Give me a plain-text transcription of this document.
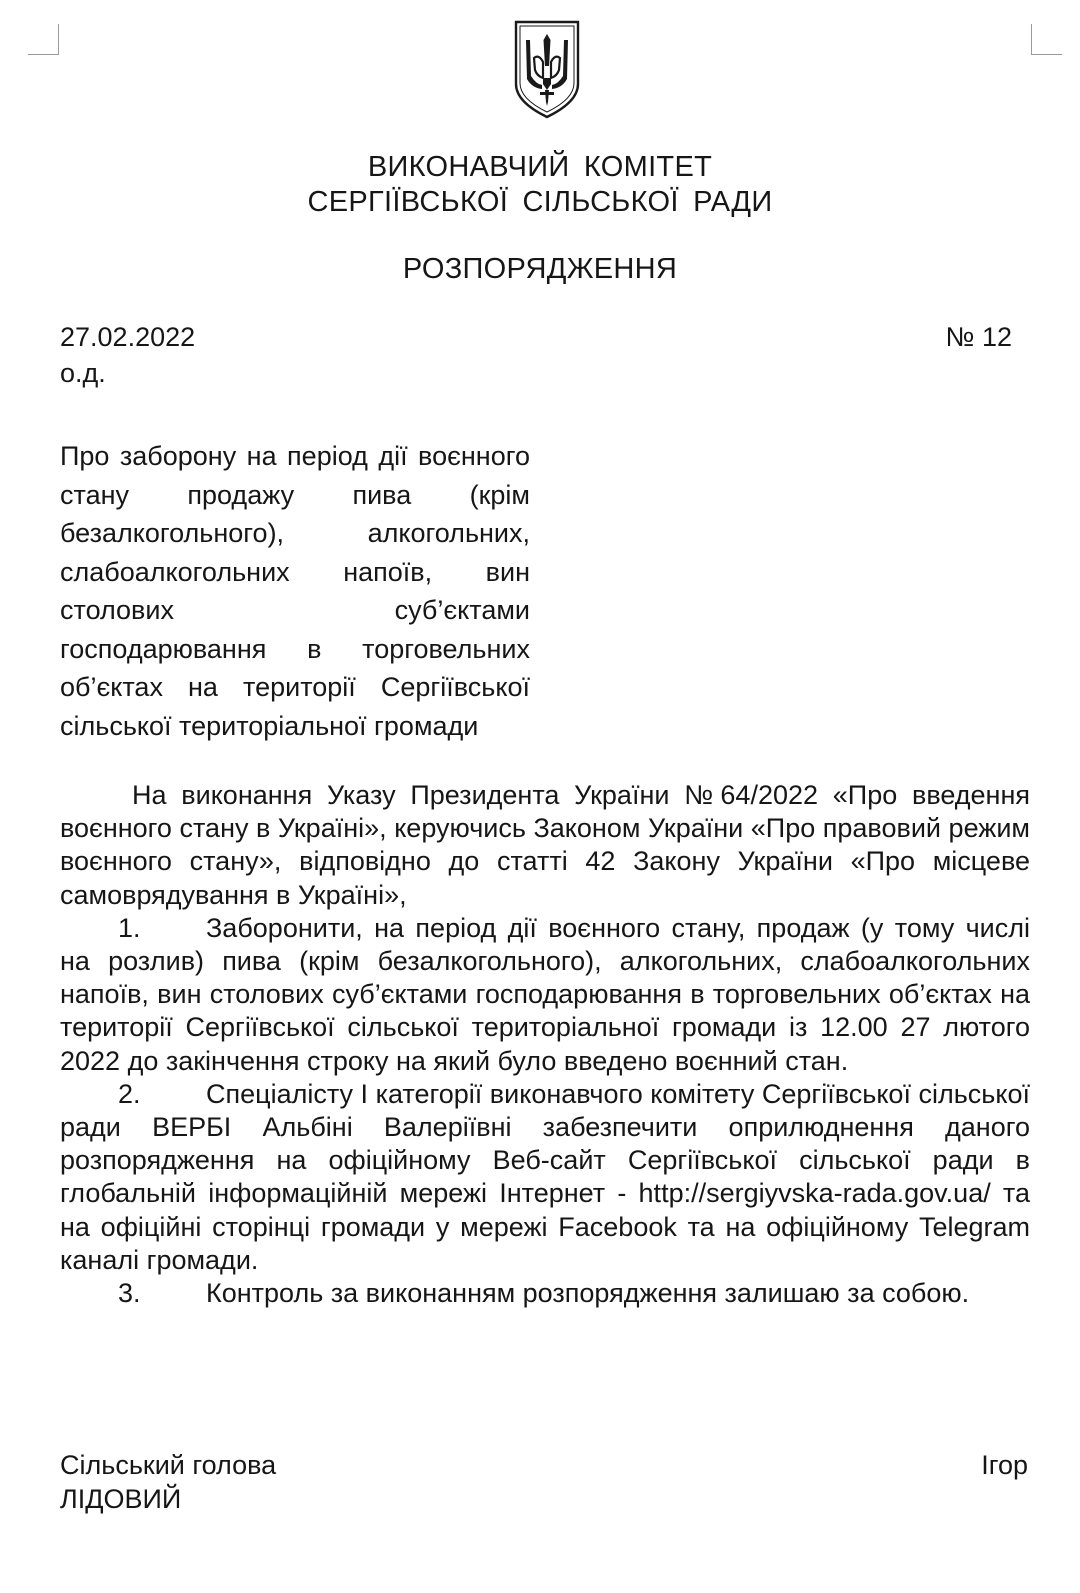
ВИКОНАВЧИЙ КОМІТЕТ
СЕРГІЇВСЬКОЇ СІЛЬСЬКОЇ РАДИ
РОЗПОРЯДЖЕННЯ
27.02.2022
о.д.
№ 12
Про заборону на період дії воєнного стану продажу пива (крім безалкогольного), алкогольних, слабоалкогольних напоїв, вин столових суб’єктами господарювання в торговельних об’єктах на території Сергіївської сільської територіальної громади

На виконання Указу Президента України №64/2022 «Про введення воєнного стану в Україні», керуючись Законом України «Про правовий режим воєнного стану», відповідно до статті 42 Закону України «Про місцеве самоврядування в Україні»,

1. Заборонити, на період дії воєнного стану, продаж (у тому числі на розлив) пива (крім безалкогольного), алкогольних, слабоалкогольних напоїв, вин столових суб’єктами господарювання в торговельних об’єктах на території Сергіївської сільської територіальної громади із 12.00 27 лютого 2022 до закінчення строку на який було введено воєнний стан.

2. Спеціалісту І категорії виконавчого комітету Сергіївської сільської ради ВЕРБІ Альбіні Валеріївні забезпечити оприлюднення даного розпорядження на офіційному Веб-сайт Сергіївської сільської ради в глобальній інформаційній мережі Інтернет - http://sergiyvska-rada.gov.ua/ та на офіційні сторінці громади у мережі Facebook та на офіційному Telegram каналі громади.

3. Контроль за виконанням розпорядження залишаю за собою.

Сільський голова
ЛІДОВИЙ
Ігор
